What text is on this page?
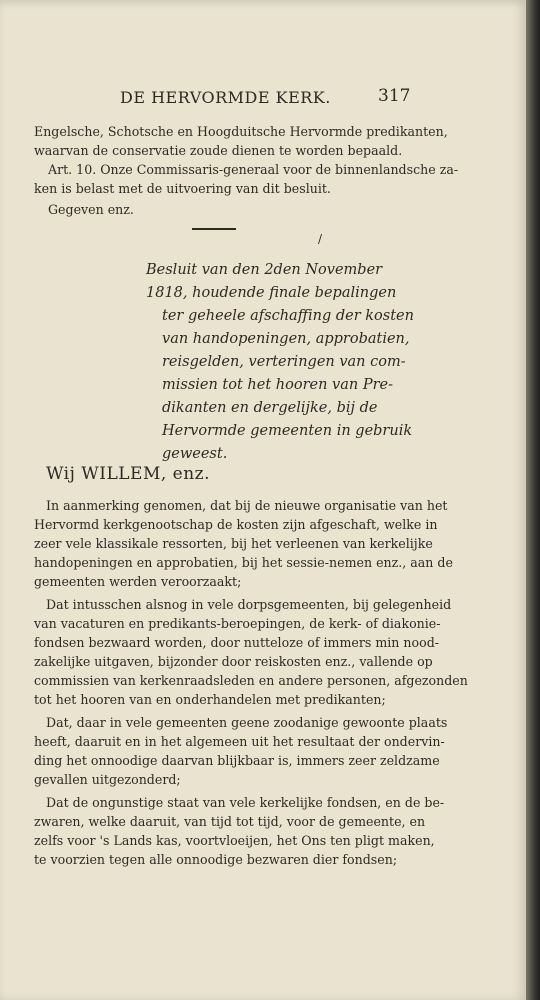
DE HERVORMDE KERK.	317
Engelsche, Schotsche en Hoogduitsche Hervormde predikanten,
waarvan de conservatie zoude dienen te worden bepaald.
Art. 10. Onze Commissaris-generaal voor de binnenlandsche za-
ken is belast met de uitvoering van dit besluit.
Gegeven enz.
/
Besluit van den 2den November
1818, houdende finale bepalingen
ter geheele afschaffing der kosten
van handopeningen, approbatien,
reisgelden, verteringen van com-
missien tot het hooren van Pre-
dikanten en dergelijke, bij de
Hervormde gemeenten in gebruik
geweest.
Wij WILLEM, enz.
In aanmerking genomen, dat bij de nieuwe organisatie van het
Hervormd kerkgenootschap de kosten zijn afgeschaft, welke in
zeer vele klassikale ressorten, bij het verleenen van kerkelijke
handopeningen en approbatien, bij het sessie-nemen enz., aan de
gemeenten werden veroorzaakt;
Dat intusschen alsnog in vele dorpsgemeenten, bij gelegenheid
van vacaturen en predikants-beroepingen, de kerk- of diakonie-
fondsen bezwaard worden, door nutteloze of immers min nood-
zakelijke uitgaven, bijzonder door reiskosten enz., vallende op
commissien van kerkenraadsleden en andere personen, afgezonden
tot het hooren van en onderhandelen met predikanten;
Dat, daar in vele gemeenten geene zoodanige gewoonte plaats
heeft, daaruit en in het algemeen uit het resultaat der ondervin-
ding het onnoodige daarvan blijkbaar is, immers zeer zeldzame
gevallen uitgezonderd;
Dat de ongunstige staat van vele kerkelijke fondsen, en de be-
zwaren, welke daaruit, van tijd tot tijd, voor de gemeente, en
zelfs voor 's Lands kas, voortvloeijen, het Ons ten pligt maken,
te voorzien tegen alle onnoodige bezwaren dier fondsen;
